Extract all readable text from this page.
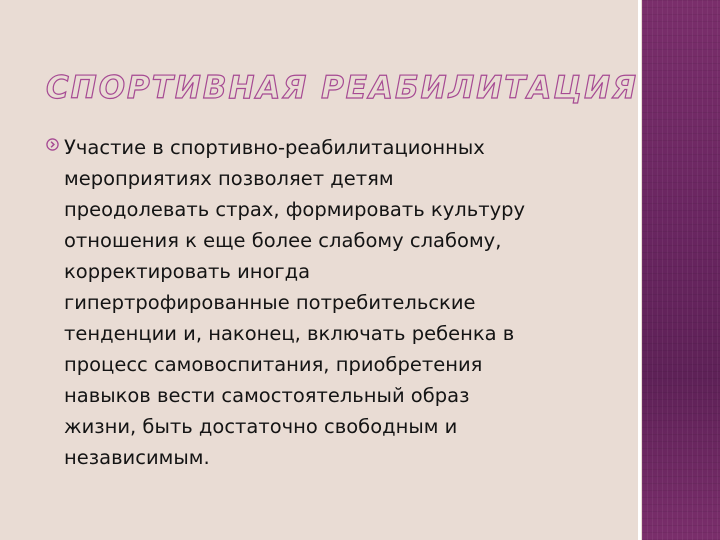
СПОРТИВНАЯ РЕАБИЛИТАЦИЯ

Участие в спортивно-реабилитационных
мероприятиях позволяет детям
преодолевать страх, формировать культуру
отношения к еще более слабому слабому,
корректировать иногда
гипертрофированные потребительские
тенденции и, наконец, включать ребенка в
процесс самовоспитания, приобретения
навыков вести самостоятельный образ
жизни, быть достаточно свободным и
независимым.
